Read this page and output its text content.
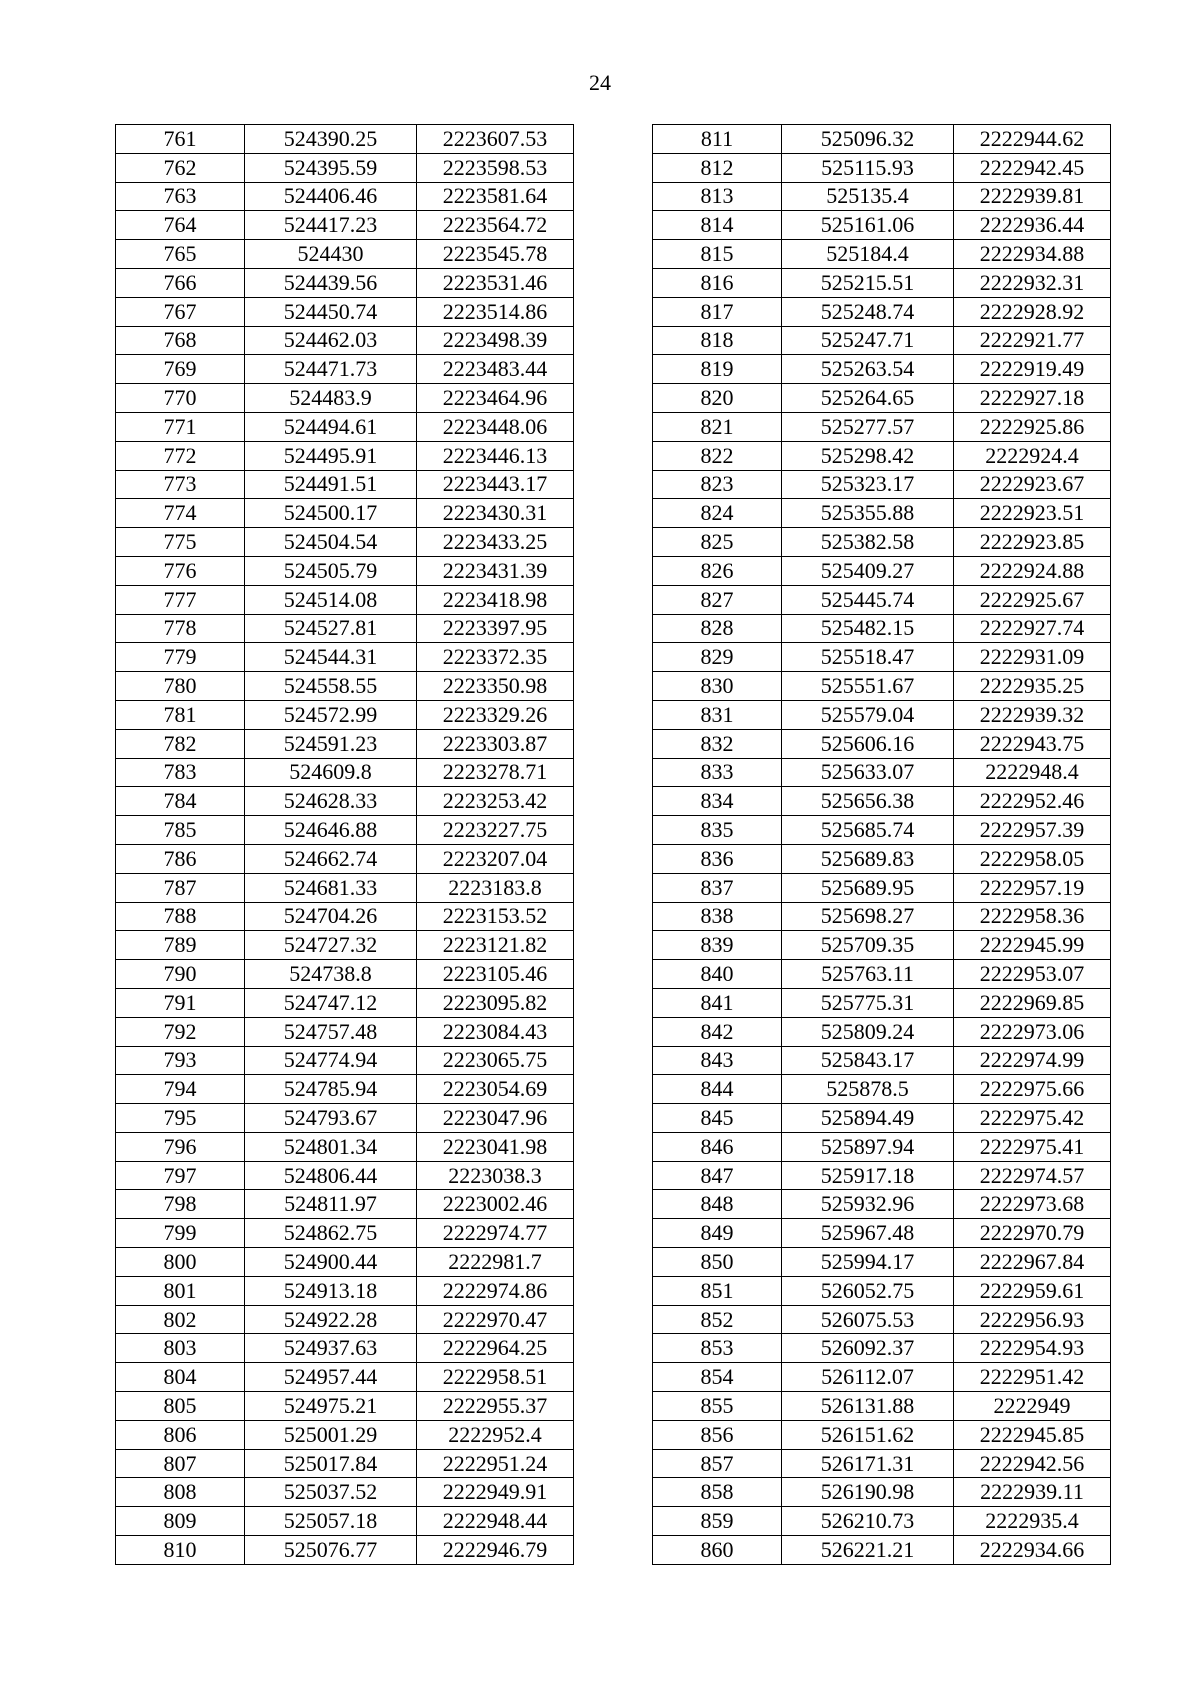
24
761	524390.25	2223607.53
762	524395.59	2223598.53
763	524406.46	2223581.64
764	524417.23	2223564.72
765	524430	2223545.78
766	524439.56	2223531.46
767	524450.74	2223514.86
768	524462.03	2223498.39
769	524471.73	2223483.44
770	524483.9	2223464.96
771	524494.61	2223448.06
772	524495.91	2223446.13
773	524491.51	2223443.17
774	524500.17	2223430.31
775	524504.54	2223433.25
776	524505.79	2223431.39
777	524514.08	2223418.98
778	524527.81	2223397.95
779	524544.31	2223372.35
780	524558.55	2223350.98
781	524572.99	2223329.26
782	524591.23	2223303.87
783	524609.8	2223278.71
784	524628.33	2223253.42
785	524646.88	2223227.75
786	524662.74	2223207.04
787	524681.33	2223183.8
788	524704.26	2223153.52
789	524727.32	2223121.82
790	524738.8	2223105.46
791	524747.12	2223095.82
792	524757.48	2223084.43
793	524774.94	2223065.75
794	524785.94	2223054.69
795	524793.67	2223047.96
796	524801.34	2223041.98
797	524806.44	2223038.3
798	524811.97	2223002.46
799	524862.75	2222974.77
800	524900.44	2222981.7
801	524913.18	2222974.86
802	524922.28	2222970.47
803	524937.63	2222964.25
804	524957.44	2222958.51
805	524975.21	2222955.37
806	525001.29	2222952.4
807	525017.84	2222951.24
808	525037.52	2222949.91
809	525057.18	2222948.44
810	525076.77	2222946.79
811	525096.32	2222944.62
812	525115.93	2222942.45
813	525135.4	2222939.81
814	525161.06	2222936.44
815	525184.4	2222934.88
816	525215.51	2222932.31
817	525248.74	2222928.92
818	525247.71	2222921.77
819	525263.54	2222919.49
820	525264.65	2222927.18
821	525277.57	2222925.86
822	525298.42	2222924.4
823	525323.17	2222923.67
824	525355.88	2222923.51
825	525382.58	2222923.85
826	525409.27	2222924.88
827	525445.74	2222925.67
828	525482.15	2222927.74
829	525518.47	2222931.09
830	525551.67	2222935.25
831	525579.04	2222939.32
832	525606.16	2222943.75
833	525633.07	2222948.4
834	525656.38	2222952.46
835	525685.74	2222957.39
836	525689.83	2222958.05
837	525689.95	2222957.19
838	525698.27	2222958.36
839	525709.35	2222945.99
840	525763.11	2222953.07
841	525775.31	2222969.85
842	525809.24	2222973.06
843	525843.17	2222974.99
844	525878.5	2222975.66
845	525894.49	2222975.42
846	525897.94	2222975.41
847	525917.18	2222974.57
848	525932.96	2222973.68
849	525967.48	2222970.79
850	525994.17	2222967.84
851	526052.75	2222959.61
852	526075.53	2222956.93
853	526092.37	2222954.93
854	526112.07	2222951.42
855	526131.88	2222949
856	526151.62	2222945.85
857	526171.31	2222942.56
858	526190.98	2222939.11
859	526210.73	2222935.4
860	526221.21	2222934.66
